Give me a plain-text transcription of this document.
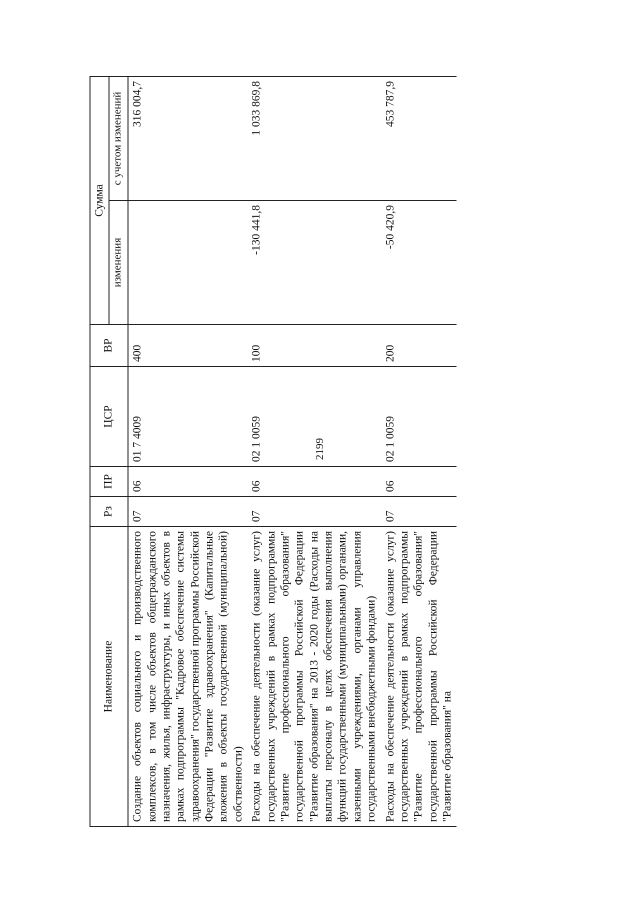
2199
Наименование	Рз	ПР	ЦСР	ВР	Сумма	
					изменения	с учетом изменений
Создание объектов социального и производственного комплексов, в том числе объектов общегражданского назначения, жилья, инфраструктуры, и иных объектов в рамках подпрограммы "Кадровое обеспечение системы здравоохранения" государственной программы Российской Федерации "Развитие здравоохранения" (Капитальные вложения в объекты государственной (муниципальной) собственности)	07	06	01 7 4009	400		316 004,7
Расходы на обеспечение деятельности (оказание услуг) государственных учреждений в рамках подпрограммы "Развитие профессионального образования" государственной программы Российской Федерации "Развитие образования" на 2013 - 2020 годы (Расходы на выплаты персоналу в целях обеспечения выполнения функций государственными (муниципальными) органами, казенными учреждениями, органами управления государственными внебюджетными фондами)	07	06	02 1 0059	100	-130 441,8	1 033 869,8
Расходы на обеспечение деятельности (оказание услуг) государственных учреждений в рамках подпрограммы "Развитие профессионального образования" государственной программы Российской Федерации "Развитие образования" на	07	06	02 1 0059	200	-50 420,9	453 787,9
